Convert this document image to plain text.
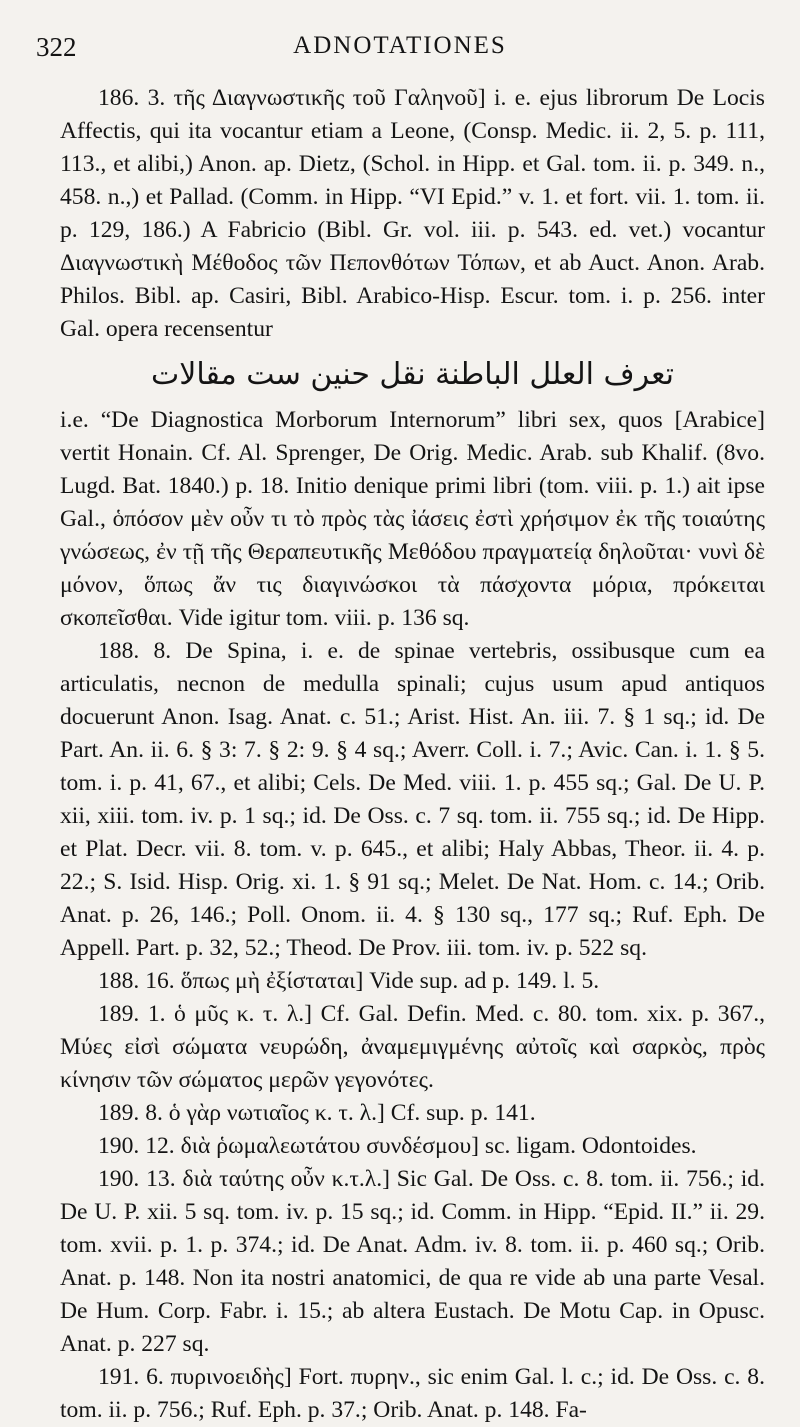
322	ADNOTATIONES

186. 3. τῆς Διαγνωστικῆς τοῦ Γαληνοῦ] i. e. ejus librorum De Locis Affectis, qui ita vocantur etiam a Leone, (Consp. Medic. ii. 2, 5. p. 111, 113., et alibi,) Anon. ap. Dietz, (Schol. in Hipp. et Gal. tom. ii. p. 349. n., 458. n.,) et Pallad. (Comm. in Hipp. “VI Epid.” v. 1. et fort. vii. 1. tom. ii. p. 129, 186.) A Fabricio (Bibl. Gr. vol. iii. p. 543. ed. vet.) vocantur Διαγνωστικὴ Μέθοδος τῶν Πεπονθότων Τόπων, et ab Auct. Anon. Arab. Philos. Bibl. ap. Casiri, Bibl. Arabico-Hisp. Escur. tom. i. p. 256. inter Gal. opera recensentur

تعرف العلل الباطنة نقل حنين ست مقالات

i.e. “De Diagnostica Morborum Internorum” libri sex, quos [Arabice] vertit Honain. Cf. Al. Sprenger, De Orig. Medic. Arab. sub Khalif. (8vo. Lugd. Bat. 1840.) p. 18. Initio denique primi libri (tom. viii. p. 1.) ait ipse Gal., ὁπόσον μὲν οὖν τι τὸ πρὸς τὰς ἰάσεις ἐστὶ χρήσιμον ἐκ τῆς τοιαύτης γνώσεως, ἐν τῇ τῆς Θεραπευτικῆς Μεθόδου πραγματείᾳ δηλοῦται· νυνὶ δὲ μόνον, ὅπως ἄν τις διαγινώσκοι τὰ πάσχοντα μόρια, πρόκειται σκοπεῖσθαι. Vide igitur tom. viii. p. 136 sq.

188. 8. De Spina, i. e. de spinae vertebris, ossibusque cum ea articulatis, necnon de medulla spinali; cujus usum apud antiquos docuerunt Anon. Isag. Anat. c. 51.; Arist. Hist. An. iii. 7. § 1 sq.; id. De Part. An. ii. 6. § 3: 7. § 2: 9. § 4 sq.; Averr. Coll. i. 7.; Avic. Can. i. 1. § 5. tom. i. p. 41, 67., et alibi; Cels. De Med. viii. 1. p. 455 sq.; Gal. De U. P. xii, xiii. tom. iv. p. 1 sq.; id. De Oss. c. 7 sq. tom. ii. 755 sq.; id. De Hipp. et Plat. Decr. vii. 8. tom. v. p. 645., et alibi; Haly Abbas, Theor. ii. 4. p. 22.; S. Isid. Hisp. Orig. xi. 1. § 91 sq.; Melet. De Nat. Hom. c. 14.; Orib. Anat. p. 26, 146.; Poll. Onom. ii. 4. § 130 sq., 177 sq.; Ruf. Eph. De Appell. Part. p. 32, 52.; Theod. De Prov. iii. tom. iv. p. 522 sq.

188. 16. ὅπως μὴ ἐξίσταται] Vide sup. ad p. 149. l. 5.

189. 1. ὁ μῦς κ. τ. λ.] Cf. Gal. Defin. Med. c. 80. tom. xix. p. 367., Μύες εἰσὶ σώματα νευρώδη, ἀναμεμιγμένης αὐτοῖς καὶ σαρκὸς, πρὸς κίνησιν τῶν σώματος μερῶν γεγονότες.

189. 8. ὁ γὰρ νωτιαῖος κ. τ. λ.] Cf. sup. p. 141.

190. 12. διὰ ῥωμαλεωτάτου συνδέσμου] sc. ligam. Odontoides.

190. 13. διὰ ταύτης οὖν κ.τ.λ.] Sic Gal. De Oss. c. 8. tom. ii. 756.; id. De U. P. xii. 5 sq. tom. iv. p. 15 sq.; id. Comm. in Hipp. “Epid. II.” ii. 29. tom. xvii. p. 1. p. 374.; id. De Anat. Adm. iv. 8. tom. ii. p. 460 sq.; Orib. Anat. p. 148. Non ita nostri anatomici, de qua re vide ab una parte Vesal. De Hum. Corp. Fabr. i. 15.; ab altera Eustach. De Motu Cap. in Opusc. Anat. p. 227 sq.

191. 6. πυρινοειδὴς] Fort. πυρην., sic enim Gal. l. c.; id. De Oss. c. 8. tom. ii. p. 756.; Ruf. Eph. p. 37.; Orib. Anat. p. 148. Fa-
